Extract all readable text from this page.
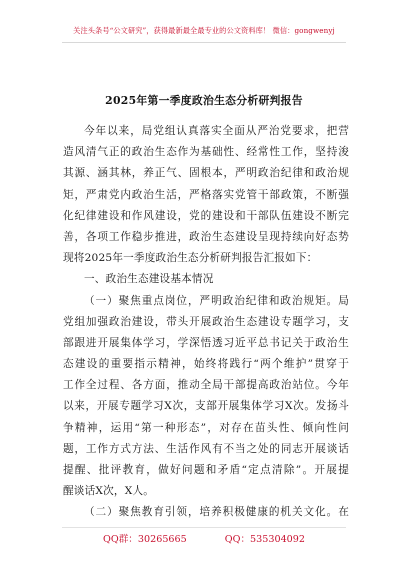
关注头条号“公文研究”，获得最新最全最专业的公文资料库！ 微信：gongwenyj
2025年第一季度政治生态分析研判报告
今年以来，局党组认真落实全面从严治党要求，把营
造风清气正的政治生态作为基础性、经常性工作，坚持浚
其源、涵其林，养正气、固根本，严明政治纪律和政治规
矩，严肃党内政治生活，严格落实党管干部政策，不断强
化纪律建设和作风建设，党的建设和干部队伍建设不断完
善，各项工作稳步推进，政治生态建设呈现持续向好态势
现将2025年一季度政治生态分析研判报告汇报如下：
一、政治生态建设基本情况
（一）聚焦重点岗位，严明政治纪律和政治规矩。局
党组加强政治建设，带头开展政治生态建设专题学习，支
部跟进开展集体学习，学深悟透习近平总书记关于政治生
态建设的重要指示精神，始终将践行“两个维护”贯穿于
工作全过程、各方面，推动全局干部提高政治站位。今年
以来，开展专题学习X次，支部开展集体学习X次。发扬斗
争精神，运用“第一种形态”，对存在苗头性、倾向性问
题，工作方式方法、生活作风有不当之处的同志开展谈话
提醒、批评教育，做好问题和矛盾“定点清除”。开展提
醒谈话X次，X人。
（二）聚焦教育引领，培养积极健康的机关文化。在
QQ群：30265665	QQ：535304092
